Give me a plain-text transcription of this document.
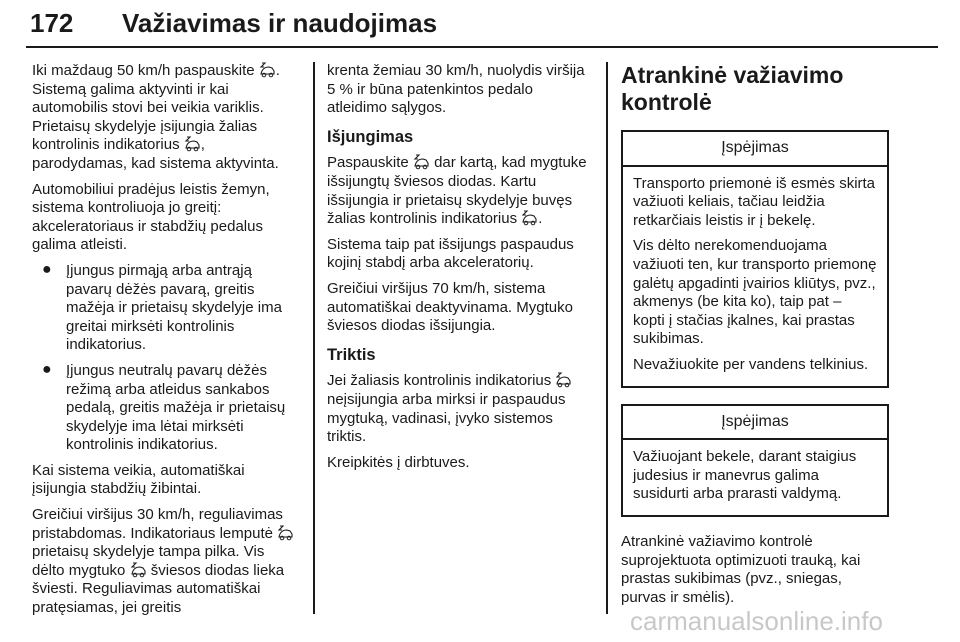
172 Važiavimas ir naudojimas

Iki maždaug 50 km/h paspauskite . Sistemą galima aktyvinti ir kai automobilis stovi bei veikia variklis. Prietaisų skydelyje įsijungia žalias kontrolinis indikatorius , parodydamas, kad sistema aktyvinta.

Automobiliui pradėjus leistis žemyn, sistema kontroliuoja jo greitį: akceleratoriaus ir stabdžių pedalus galima atleisti.

● Įjungus pirmąją arba antrąją pavarų dėžės pavarą, greitis mažėja ir prietaisų skydelyje ima greitai mirksėti kontrolinis indikatorius.
● Įjungus neutralų pavarų dėžės režimą arba atleidus sankabos pedalą, greitis mažėja ir prietaisų skydelyje ima lėtai mirksėti kontrolinis indikatorius.

Kai sistema veikia, automatiškai įsijungia stabdžių žibintai.

Greičiui viršijus 30 km/h, reguliavimas pristabdomas. Indikatoriaus lemputė  prietaisų skydelyje tampa pilka. Vis dėlto mygtuko šviesos diodas lieka šviesti. Reguliavimas automatiškai pratęsiamas, jei greitis

krenta žemiau 30 km/h, nuolydis viršija 5 % ir būna patenkintos pedalo atleidimo sąlygos.

Išjungimas

Paspauskite dar kartą, kad mygtuke išsijungtų šviesos diodas. Kartu išsijungia ir prietaisų skydelyje buvęs žalias kontrolinis indikatorius .

Sistema taip pat išsijungs paspaudus kojinį stabdį arba akceleratorių.

Greičiui viršijus 70 km/h, sistema automatiškai deaktyvinama. Mygtuko šviesos diodas išsijungia.

Triktis

Jei žaliasis kontrolinis indikatorius  neįsijungia arba mirksi ir paspaudus mygtuką, vadinasi, įvyko sistemos triktis.

Kreipkitės į dirbtuves.

Atrankinė važiavimo kontrolė
Įspėjimas

Transporto priemonė iš esmės skirta važiuoti keliais, tačiau leidžia retkarčiais leistis ir į bekelę.

Vis dėlto nerekomenduojama važiuoti ten, kur transporto priemonę galėtų apgadinti įvairios kliūtys, pvz., akmenys (be kita ko), taip pat – kopti į stačias įkalnes, kai prastas sukibimas.

Nevažiuokite per vandens telkinius.

Įspėjimas

Važiuojant bekele, darant staigius judesius ir manevrus galima susidurti arba prarasti valdymą.

Atrankinė važiavimo kontrolė suprojektuota optimizuoti trauką, kai prastas sukibimas (pvz., sniegas, purvas ir smėlis).

carmanualsonline.info
